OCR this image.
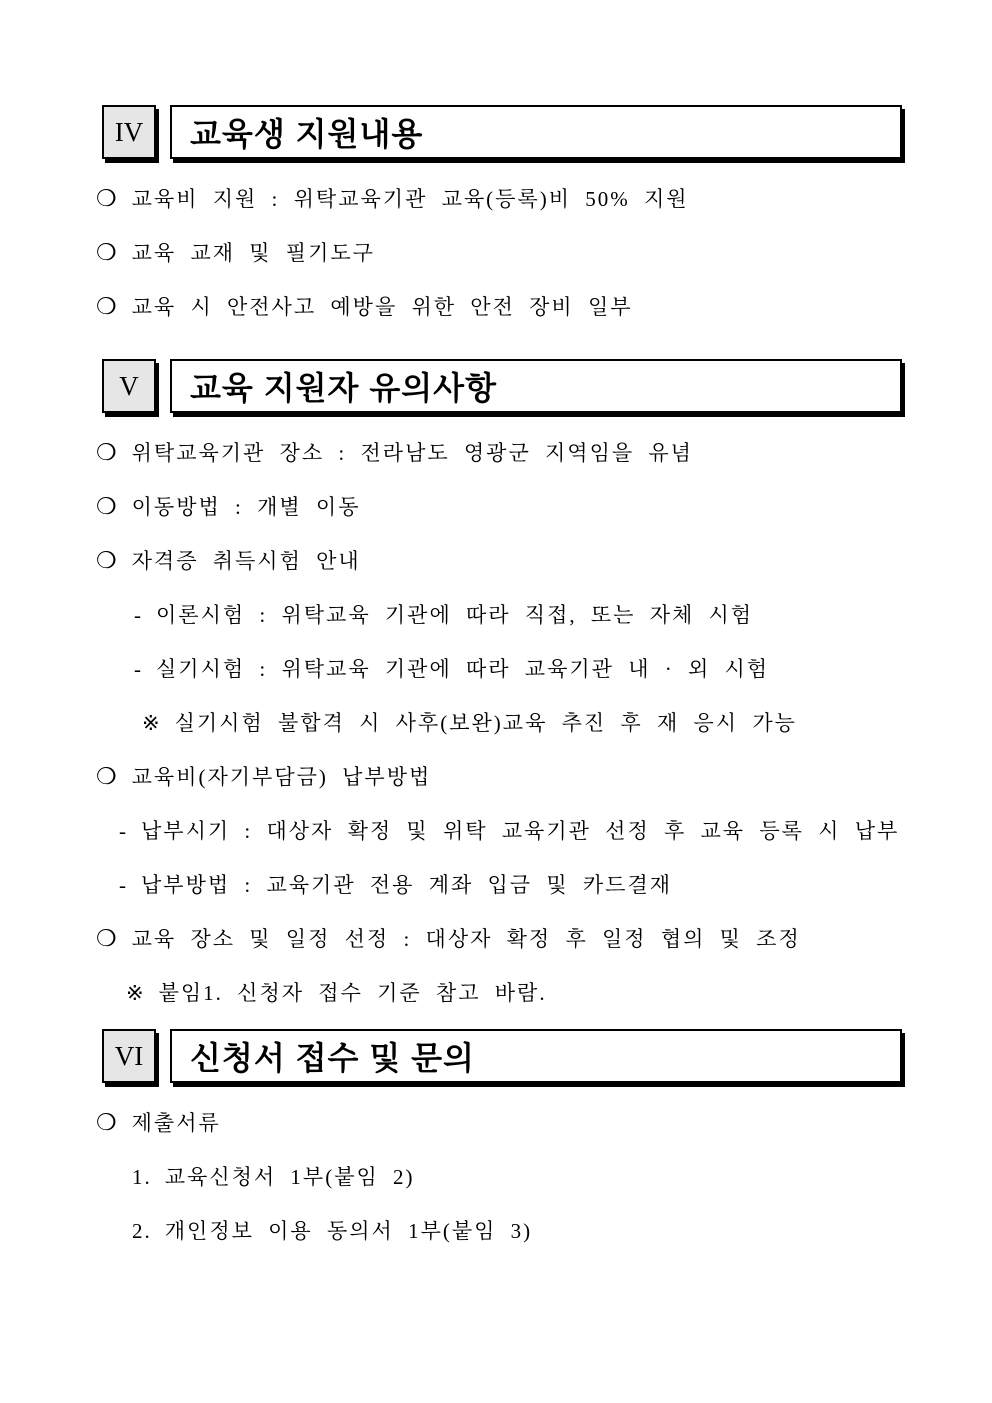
IV 교육생 지원내용
❍ 교육비 지원 : 위탁교육기관 교육(등록)비 50% 지원
❍ 교육 교재 및 필기도구
❍ 교육 시 안전사고 예방을 위한 안전 장비 일부
V 교육 지원자 유의사항
❍ 위탁교육기관 장소 : 전라남도 영광군 지역임을 유념
❍ 이동방법 : 개별 이동
❍ 자격증 취득시험 안내
- 이론시험 : 위탁교육 기관에 따라 직접, 또는 자체 시험
- 실기시험 : 위탁교육 기관에 따라 교육기관 내 · 외 시험
※ 실기시험 불합격 시 사후(보완)교육 추진 후 재 응시 가능
❍ 교육비(자기부담금) 납부방법
- 납부시기 : 대상자 확정 및 위탁 교육기관 선정 후 교육 등록 시 납부
- 납부방법 : 교육기관 전용 계좌 입금 및 카드결재
❍ 교육 장소 및 일정 선정 : 대상자 확정 후 일정 협의 및 조정
※ 붙임1. 신청자 접수 기준 참고 바람.
VI 신청서 접수 및 문의
❍ 제출서류
1. 교육신청서 1부(붙임 2)
2. 개인정보 이용 동의서 1부(붙임 3)
